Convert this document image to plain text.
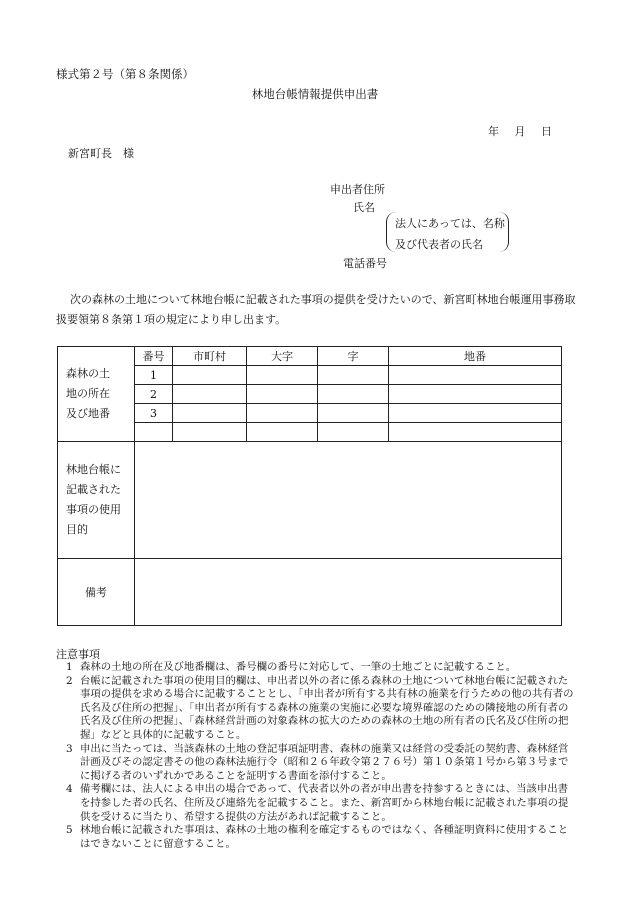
様式第２号（第８条関係）
林地台帳情報提供申出書
年 月 日
新宮町長　様
申出者住所
氏名
法人にあっては、名称
及び代表者の氏名
電話番号

次の森林の土地について林地台帳に記載された事項の提供を受けたいので、新宮町林地台帳運用事務取

扱要領第８条第１項の規定により申し出ます。

森林の土
地の所在
及び地番	番号	市町村	大字	字	地番
	1				
	2				
	3				

林地台帳に
記載された
事項の使用
目的					
備考					
注意事項

1 森林の土地の所在及び地番欄は、番号欄の番号に対応して、一筆の土地ごとに記載すること。

2 台帳に記載された事項の使用目的欄は、申出者以外の者に係る森林の土地について林地台帳に記載された事項の提供を求める場合に記載することとし、「申出者が所有する共有林の施業を行うための他の共有者の氏名及び住所の把握」、「申出者が所有する森林の施業の実施に必要な境界確認のための隣接地の所有者の氏名及び住所の把握」、「森林経営計画の対象森林の拡大のための森林の土地の所有者の氏名及び住所の把握」などと具体的に記載すること。

3 申出に当たっては、当該森林の土地の登記事項証明書、森林の施業又は経営の受委託の契約書、森林経営計画及びその認定書その他の森林法施行令（昭和２６年政令第２７６号）第１０条第１号から第３号までに掲げる者のいずれかであることを証明する書面を添付すること。

4 備考欄には、法人による申出の場合であって、代表者以外の者が申出書を持参するときには、当該申出書を持参した者の氏名、住所及び連絡先を記載すること。また、新宮町から林地台帳に記載された事項の提供を受けるに当たり、希望する提供の方法があれば記載すること。

5 林地台帳に記載された事項は、森林の土地の権利を確定するものではなく、各種証明資料に使用することはできないことに留意すること。
